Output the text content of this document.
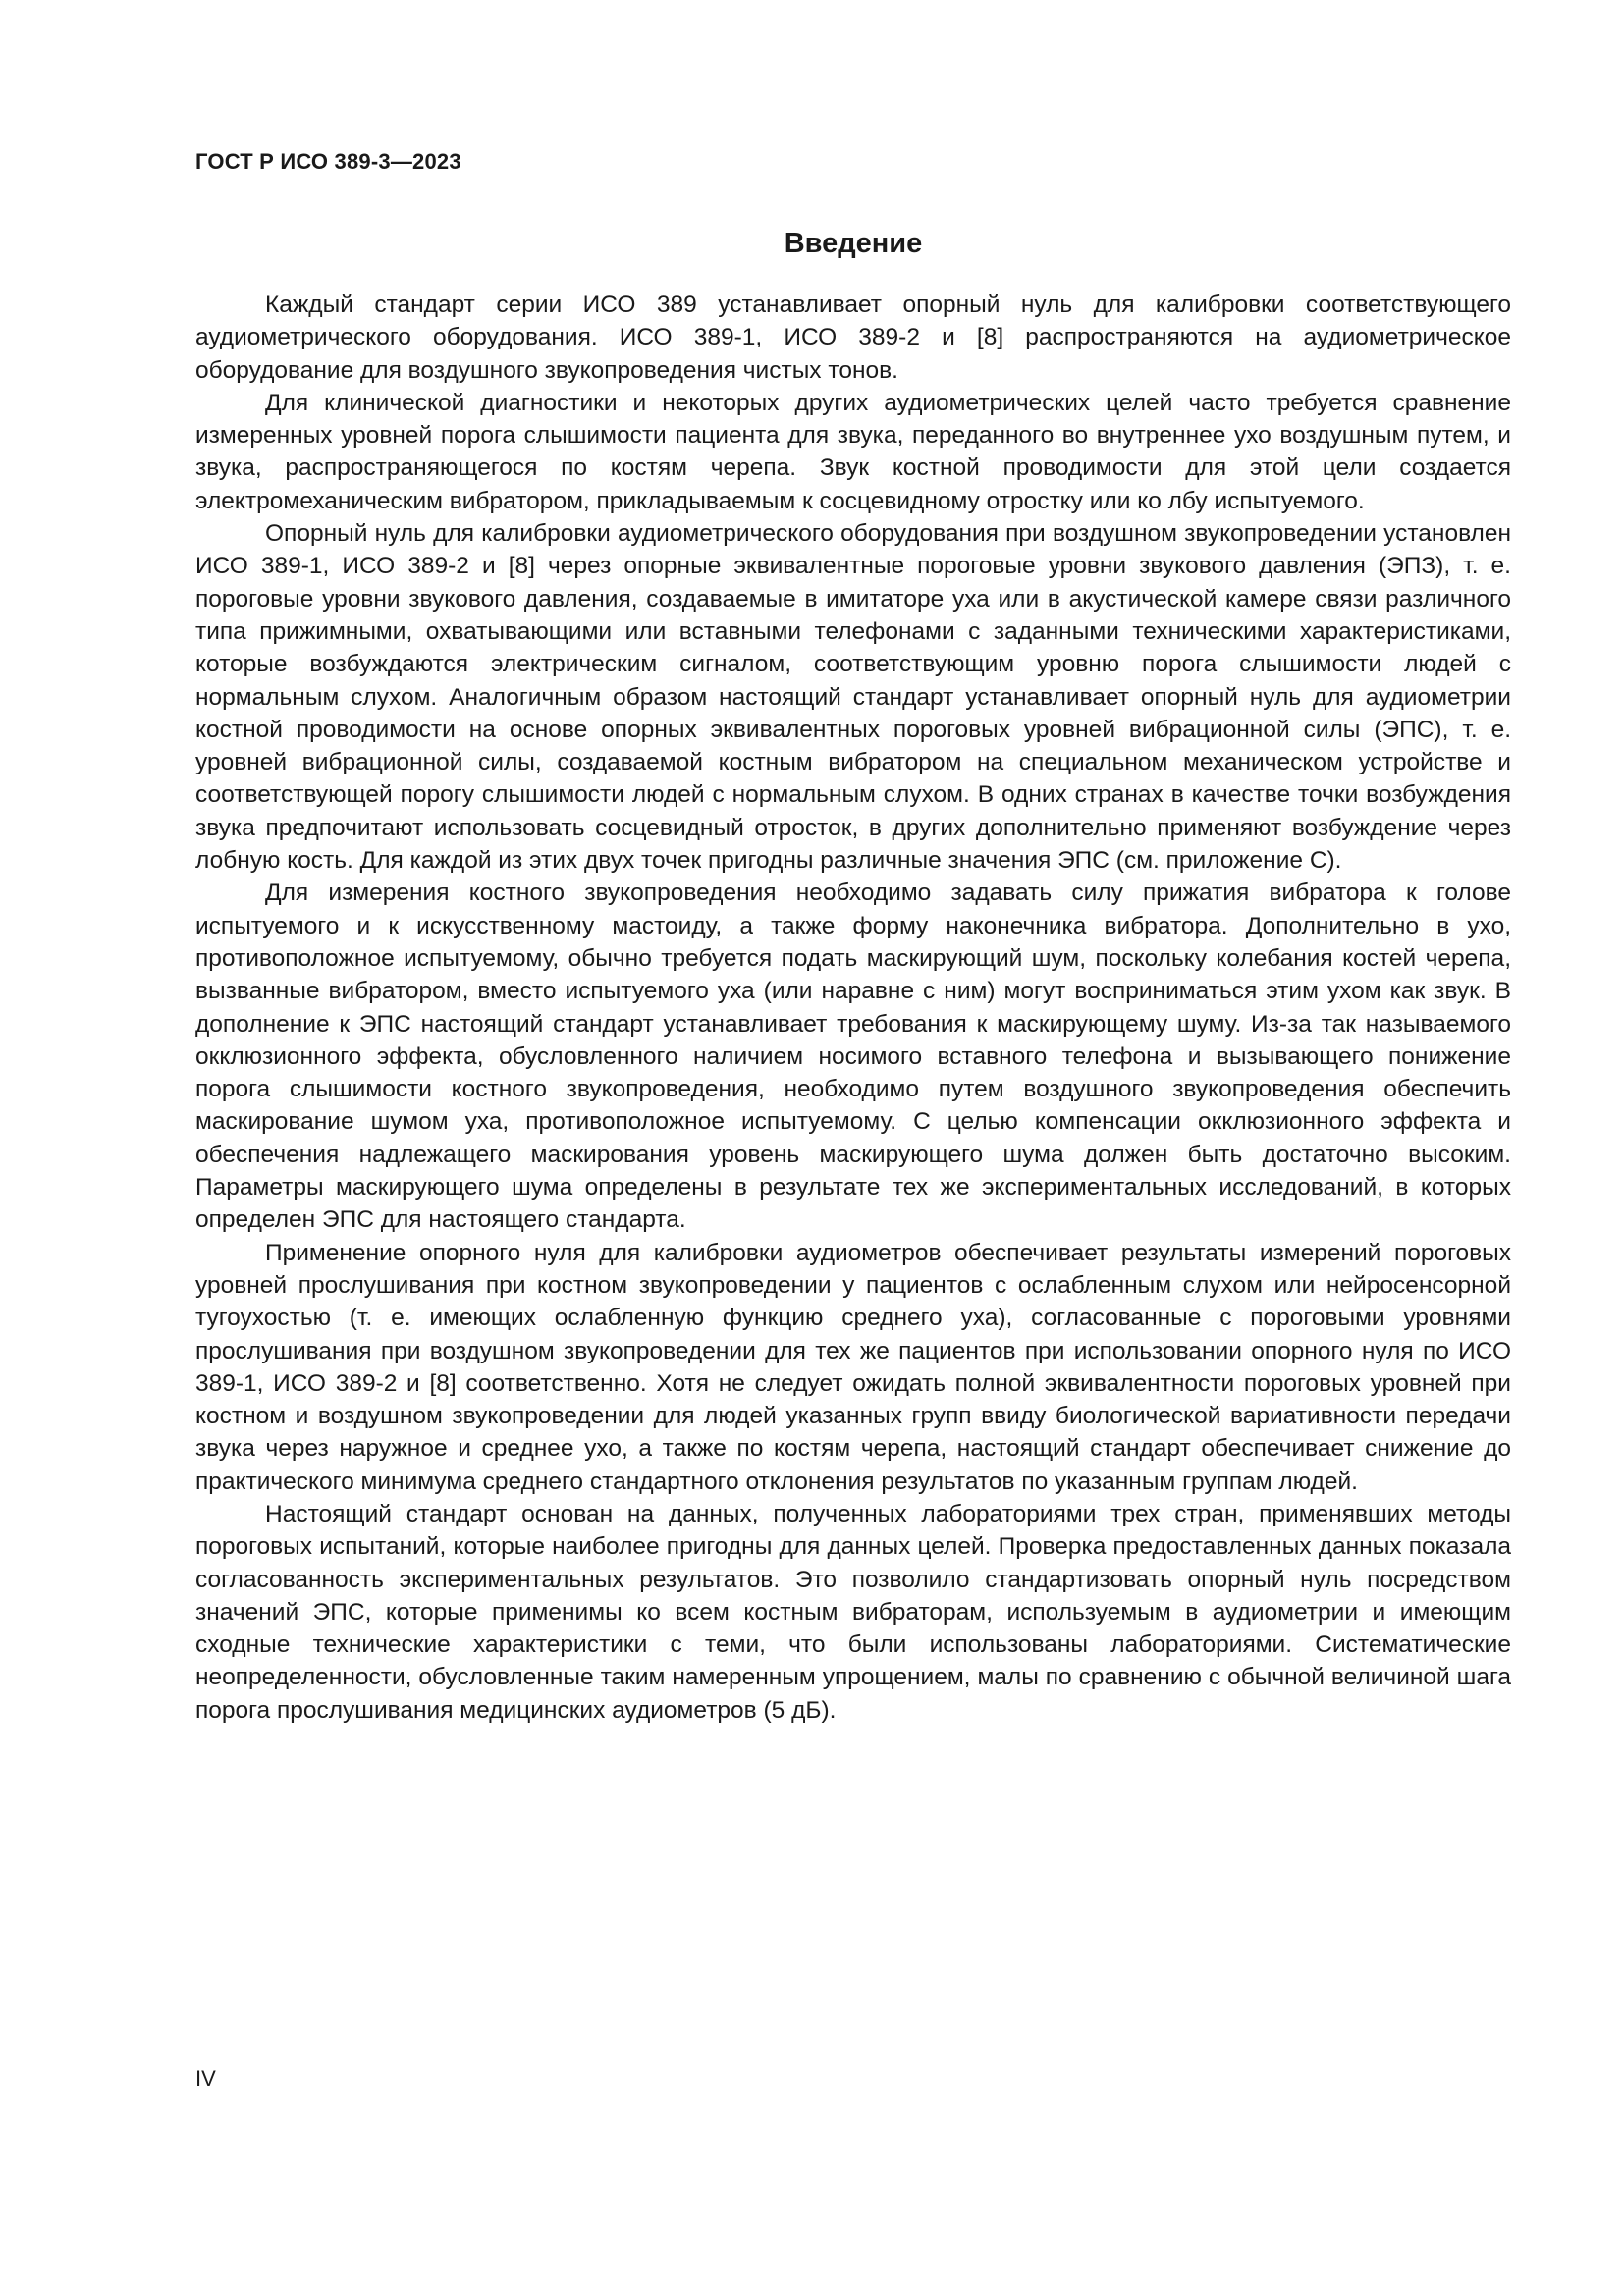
ГОСТ Р ИСО 389-3—2023
Введение

Каждый стандарт серии ИСО 389 устанавливает опорный нуль для калибровки соответствующего аудиометрического оборудования. ИСО 389-1, ИСО 389-2 и [8] распространяются на аудиометрическое оборудование для воздушного звукопроведения чистых тонов.

Для клинической диагностики и некоторых других аудиометрических целей часто требуется сравнение измеренных уровней порога слышимости пациента для звука, переданного во внутреннее ухо воздушным путем, и звука, распространяющегося по костям черепа. Звук костной проводимости для этой цели создается электромеханическим вибратором, прикладываемым к сосцевидному отростку или ко лбу испытуемого.

Опорный нуль для калибровки аудиометрического оборудования при воздушном звукопроведении установлен ИСО 389-1, ИСО 389-2 и [8] через опорные эквивалентные пороговые уровни звукового давления (ЭПЗ), т. е. пороговые уровни звукового давления, создаваемые в имитаторе уха или в акустической камере связи различного типа прижимными, охватывающими или вставными телефонами с заданными техническими характеристиками, которые возбуждаются электрическим сигналом, соответствующим уровню порога слышимости людей с нормальным слухом. Аналогичным образом настоящий стандарт устанавливает опорный нуль для аудиометрии костной проводимости на основе опорных эквивалентных пороговых уровней вибрационной силы (ЭПС), т. е. уровней вибрационной силы, создаваемой костным вибратором на специальном механическом устройстве и соответствующей порогу слышимости людей с нормальным слухом. В одних странах в качестве точки возбуждения звука предпочитают использовать сосцевидный отросток, в других дополнительно применяют возбуждение через лобную кость. Для каждой из этих двух точек пригодны различные значения ЭПС (см. приложение С).

Для измерения костного звукопроведения необходимо задавать силу прижатия вибратора к голове испытуемого и к искусственному мастоиду, а также форму наконечника вибратора. Дополнительно в ухо, противоположное испытуемому, обычно требуется подать маскирующий шум, поскольку колебания костей черепа, вызванные вибратором, вместо испытуемого уха (или наравне с ним) могут восприниматься этим ухом как звук. В дополнение к ЭПС настоящий стандарт устанавливает требования к маскирующему шуму. Из-за так называемого окклюзионного эффекта, обусловленного наличием носимого вставного телефона и вызывающего понижение порога слышимости костного звукопроведения, необходимо путем воздушного звукопроведения обеспечить маскирование шумом уха, противоположное испытуемому. С целью компенсации окклюзионного эффекта и обеспечения надлежащего маскирования уровень маскирующего шума должен быть достаточно высоким. Параметры маскирующего шума определены в результате тех же экспериментальных исследований, в которых определен ЭПС для настоящего стандарта.

Применение опорного нуля для калибровки аудиометров обеспечивает результаты измерений пороговых уровней прослушивания при костном звукопроведении у пациентов с ослабленным слухом или нейросенсорной тугоухостью (т. е. имеющих ослабленную функцию среднего уха), согласованные с пороговыми уровнями прослушивания при воздушном звукопроведении для тех же пациентов при использовании опорного нуля по ИСО 389-1, ИСО 389-2 и [8] соответственно. Хотя не следует ожидать полной эквивалентности пороговых уровней при костном и воздушном звукопроведении для людей указанных групп ввиду биологической вариативности передачи звука через наружное и среднее ухо, а также по костям черепа, настоящий стандарт обеспечивает снижение до практического минимума среднего стандартного отклонения результатов по указанным группам людей.

Настоящий стандарт основан на данных, полученных лабораториями трех стран, применявших методы пороговых испытаний, которые наиболее пригодны для данных целей. Проверка предоставленных данных показала согласованность экспериментальных результатов. Это позволило стандартизовать опорный нуль посредством значений ЭПС, которые применимы ко всем костным вибраторам, используемым в аудиометрии и имеющим сходные технические характеристики с теми, что были использованы лабораториями. Систематические неопределенности, обусловленные таким намеренным упрощением, малы по сравнению с обычной величиной шага порога прослушивания медицинских аудиометров (5 дБ).

IV
